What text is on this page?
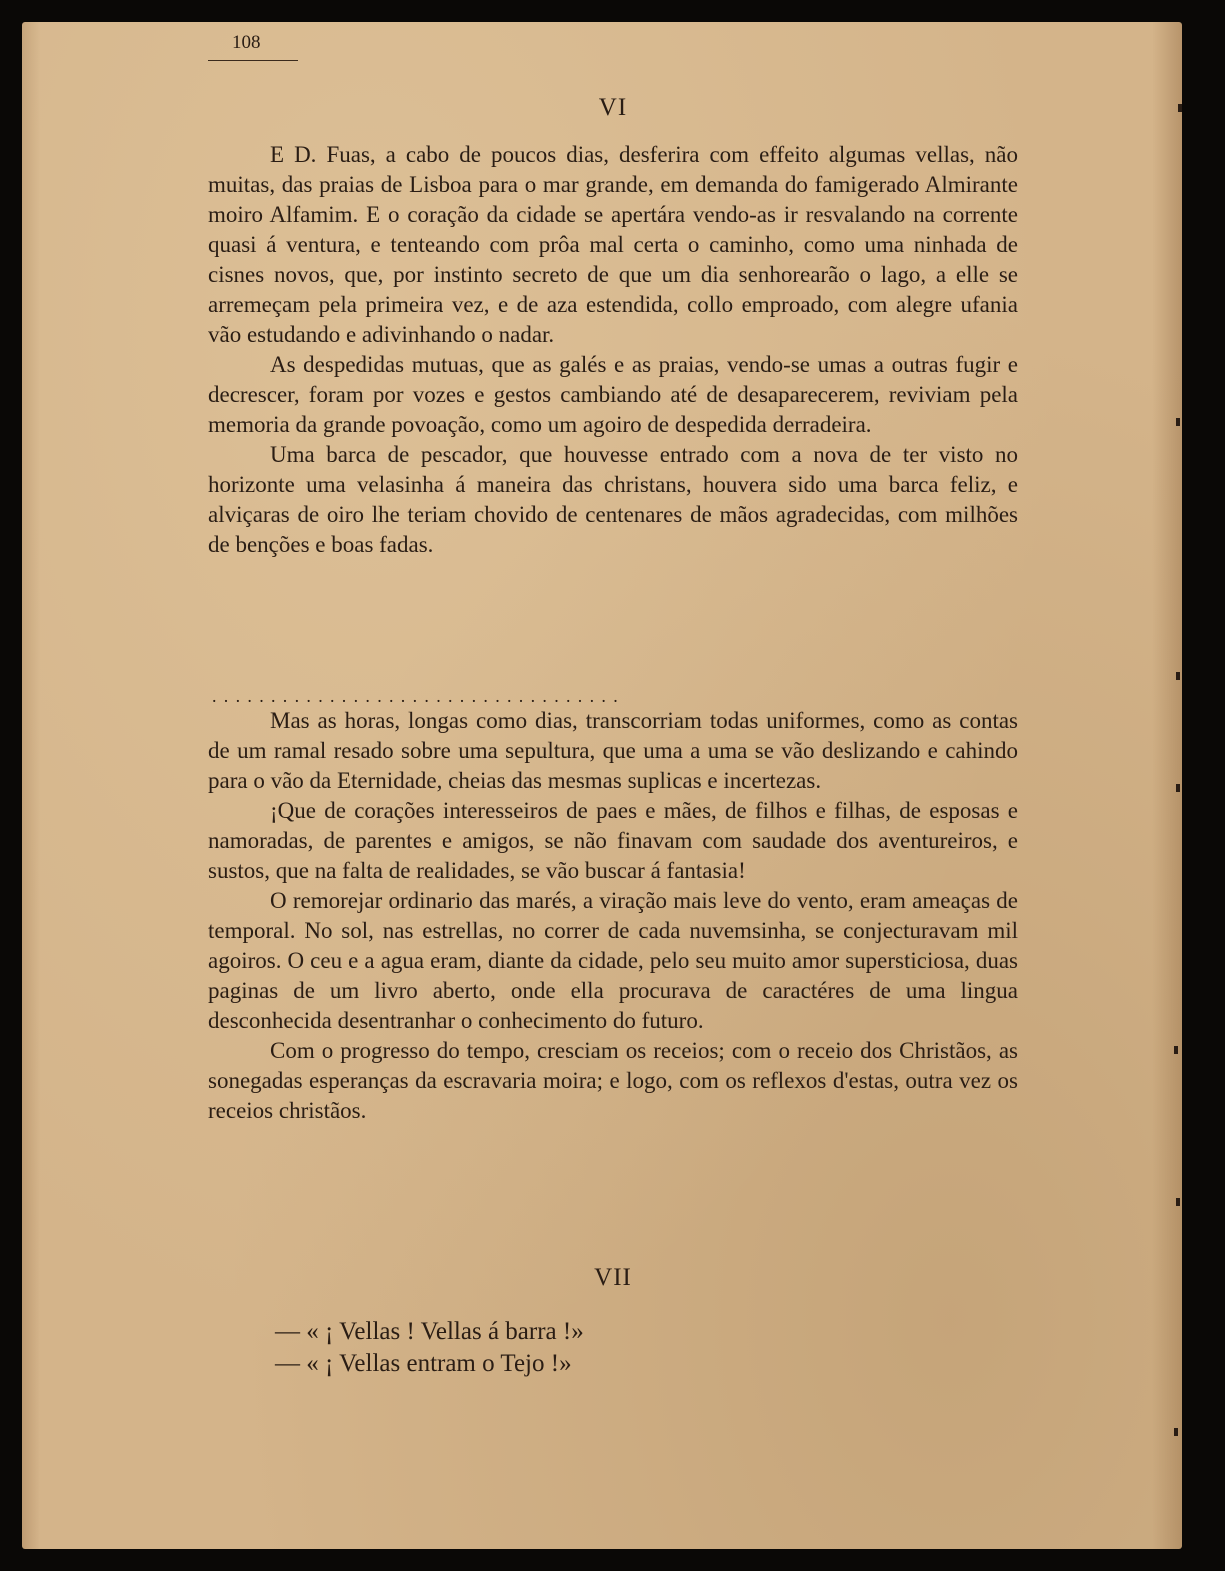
108
VI

E D. Fuas, a cabo de poucos dias, desferira com effeito algumas vellas, não muitas, das praias de Lisboa para o mar grande, em demanda do famigerado Almirante moiro Alfamim. E o coração da cidade se apertára vendo-as ir resvalando na corrente quasi á ventura, e tenteando com prôa mal certa o caminho, como uma ninhada de cisnes novos, que, por instinto secreto de que um dia senhorearão o lago, a elle se arremeçam pela primeira vez, e de aza estendida, collo emproado, com alegre ufania vão estudando e adivinhando o nadar.

As despedidas mutuas, que as galés e as praias, vendo-se umas a outras fugir e decrescer, foram por vozes e gestos cambiando até de desaparecerem, reviviam pela memoria da grande povoação, como um agoiro de despedida derradeira.

Uma barca de pescador, que houvesse entrado com a nova de ter visto no horizonte uma velasinha á maneira das christans, houvera sido uma barca feliz, e alviçaras de oiro lhe teriam chovido de centenares de mãos agradecidas, com milhões de benções e boas fadas.

...................................

Mas as horas, longas como dias, transcorriam todas uniformes, como as contas de um ramal resado sobre uma sepultura, que uma a uma se vão deslizando e cahindo para o vão da Eternidade, cheias das mesmas suplicas e incertezas.

¡Que de corações interesseiros de paes e mães, de filhos e filhas, de esposas e namoradas, de parentes e amigos, se não finavam com saudade dos aventureiros, e sustos, que na falta de realidades, se vão buscar á fantasia!

O remorejar ordinario das marés, a viração mais leve do vento, eram ameaças de temporal. No sol, nas estrellas, no correr de cada nuvemsinha, se conjecturavam mil agoiros. O ceu e a agua eram, diante da cidade, pelo seu muito amor supersticiosa, duas paginas de um livro aberto, onde ella procurava de caractéres de uma lingua desconhecida desentranhar o conhecimento do futuro.

Com o progresso do tempo, cresciam os receios; com o receio dos Christãos, as sonegadas esperanças da escravaria moira; e logo, com os reflexos d'estas, outra vez os receios christãos.

VII
— « ¡ Vellas ! Vellas á barra !»
— « ¡ Vellas entram o Tejo !»
